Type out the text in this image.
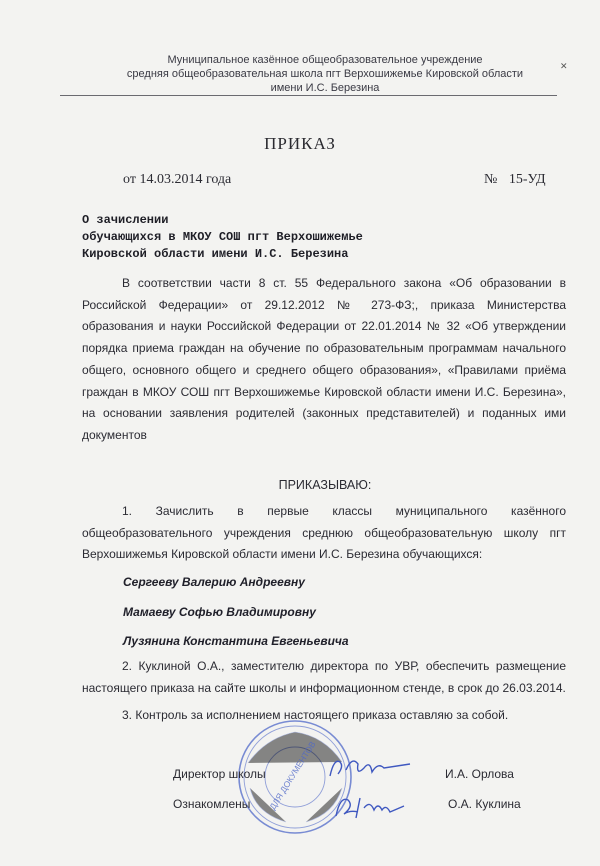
Муниципальное казённое общеобразовательное учреждение
средняя общеобразовательная школа пгт Верхошижемье Кировской области
имени И.С. Березина
✕
ПРИКАЗ
от 14.03.2014 года	№ 15-УД
О зачислении
обучающихся в МКОУ СОШ пгт Верхошижемье
Кировской области имени И.С. Березина
В соответствии части 8 ст. 55 Федерального закона «Об образовании в Российской Федерации» от 29.12.2012 № 273-ФЗ;, приказа Министерства образования и науки Российской Федерации от 22.01.2014 № 32 «Об утверждении порядка приема граждан на обучение по образовательным программам начального общего, основного общего и среднего общего образования», «Правилами приёма граждан в МКОУ СОШ пгт Верхошижемье Кировской области имени И.С. Березина», на основании заявления родителей (законных представителей) и поданных ими документов
ПРИКАЗЫВАЮ:
1. Зачислить в первые классы муниципального казённого общеобразовательного учреждения среднюю общеобразовательную школу пгт Верхошижемья Кировской области имени И.С. Березина обучающихся:
Сергееву Валерию Андреевну
Мамаеву Софью Владимировну
Лузянина Константина Евгеньевича
2. Куклиной О.А., заместителю директора по УВР, обеспечить размещение настоящего приказа на сайте школы и информационном стенде, в срок до 26.03.2014.
3. Контроль за исполнением настоящего приказа оставляю за собой.
ДЛЯ ДОКУМЕНТОВ
Директор школы	И.А. Орлова
Ознакомлены	О.А. Куклина
